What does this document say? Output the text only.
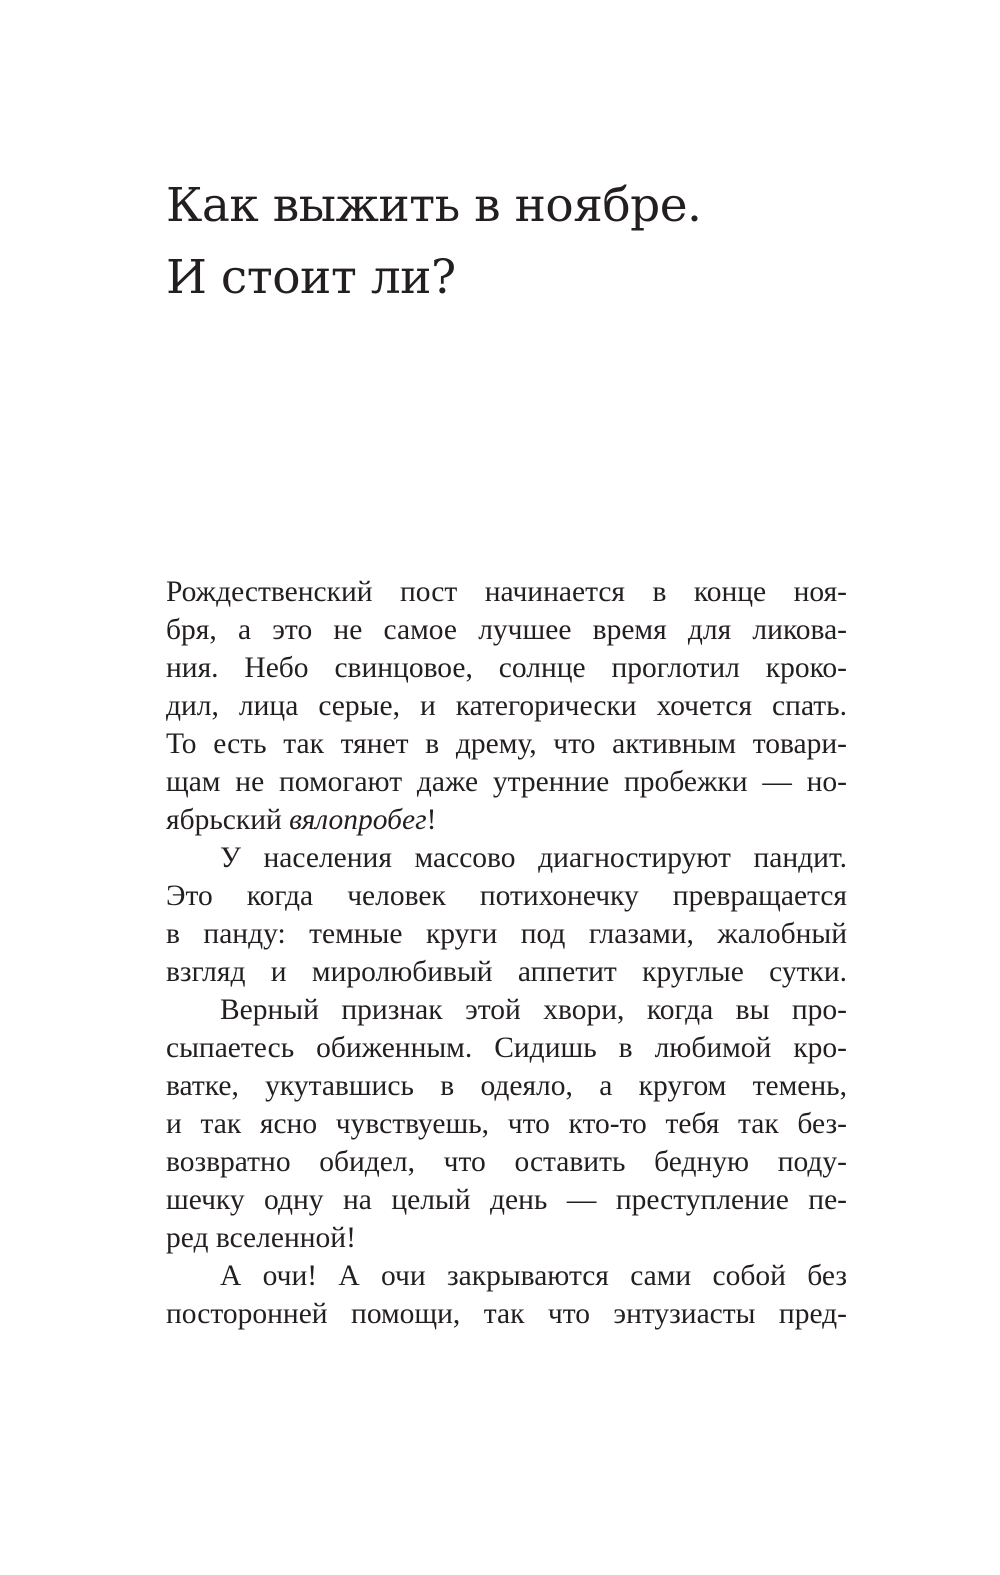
Как выжить в ноябре.
И стоит ли?
Рождественский пост начинается в конце ноя-
бря, а это не самое лучшее время для ликова-
ния. Небо свинцовое, солнце проглотил кроко-
дил, лица серые, и категорически хочется спать.
То есть так тянет в дрему, что активным товари-
щам не помогают даже утренние пробежки — но-
ябрьский вялопробег!
У населения массово диагностируют пандит.
Это когда человек потихонечку превращается
в панду: темные круги под глазами, жалобный
взгляд и миролюбивый аппетит круглые сутки.
Верный признак этой хвори, когда вы про-
сыпаетесь обиженным. Сидишь в любимой кро-
ватке, укутавшись в одеяло, а кругом темень,
и так ясно чувствуешь, что кто-то тебя так без-
возвратно обидел, что оставить бедную поду-
шечку одну на целый день — преступление пе-
ред вселенной!
А очи! А очи закрываются сами собой без
посторонней помощи, так что энтузиасты пред-
